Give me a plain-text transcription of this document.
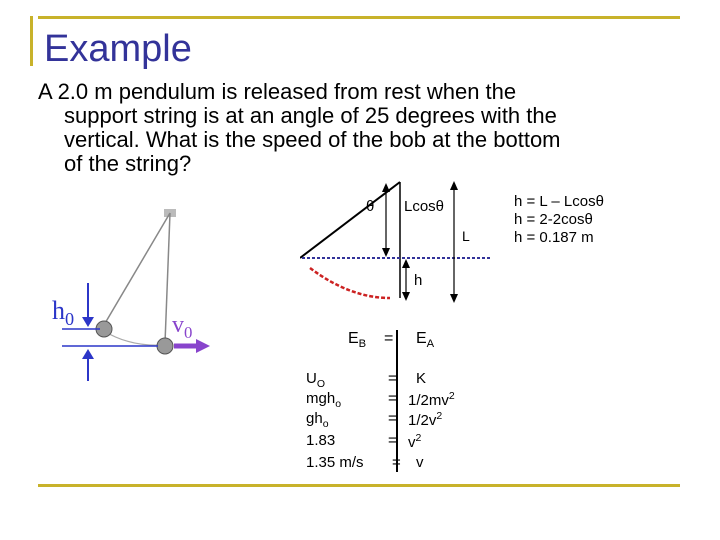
Example
A 2.0 m pendulum is released from rest when the
support string is at an angle of 25 degrees with the
vertical. What is the speed of the bob at the bottom
of the string?
$h_0$	$v_0$
θ Lcosθ
L
h
h = L – Lcosθ
h = 2-2cosθ
h = 0.187 m
$E_B = E_A$
$U_O$	= K
mgh$_o$	= $1/2mv^2$
$gh_o$	= $1/2v^2$
1.83	= $v^2$
1.35 m/s = v
